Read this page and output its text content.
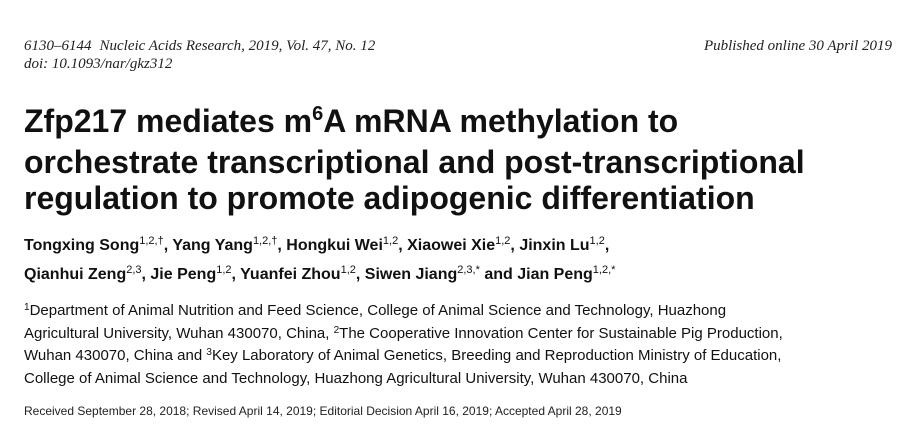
6130–6144 Nucleic Acids Research, 2019, Vol. 47, No. 12	Published online 30 April 2019
doi: 10.1093/nar/gkz312
Zfp217 mediates $m^6A$ mRNA methylation to
orchestrate transcriptional and post-transcriptional
regulation to promote adipogenic differentiation
Tongxing Song$^{1,2,\dagger}$, Yang Yang$^{1,2,\dagger}$, Hongkui Wei$^{1,2}$, Xiaowei Xie$^{1,2}$, Jinxin Lu$^{1,2}$,
Qianhui Zeng$^{2,3}$, Jie Peng$^{1,2}$, Yuanfei Zhou$^{1,2}$, Siwen Jiang$^{2,3,*}$ and Jian Peng$^{1,2,*}$
$^1$Department of Animal Nutrition and Feed Science, College of Animal Science and Technology, Huazhong
Agricultural University, Wuhan 430070, China, $^2$The Cooperative Innovation Center for Sustainable Pig Production,
Wuhan 430070, China and $^3$Key Laboratory of Animal Genetics, Breeding and Reproduction Ministry of Education,
College of Animal Science and Technology, Huazhong Agricultural University, Wuhan 430070, China
Received September 28, 2018; Revised April 14, 2019; Editorial Decision April 16, 2019; Accepted April 28, 2019
